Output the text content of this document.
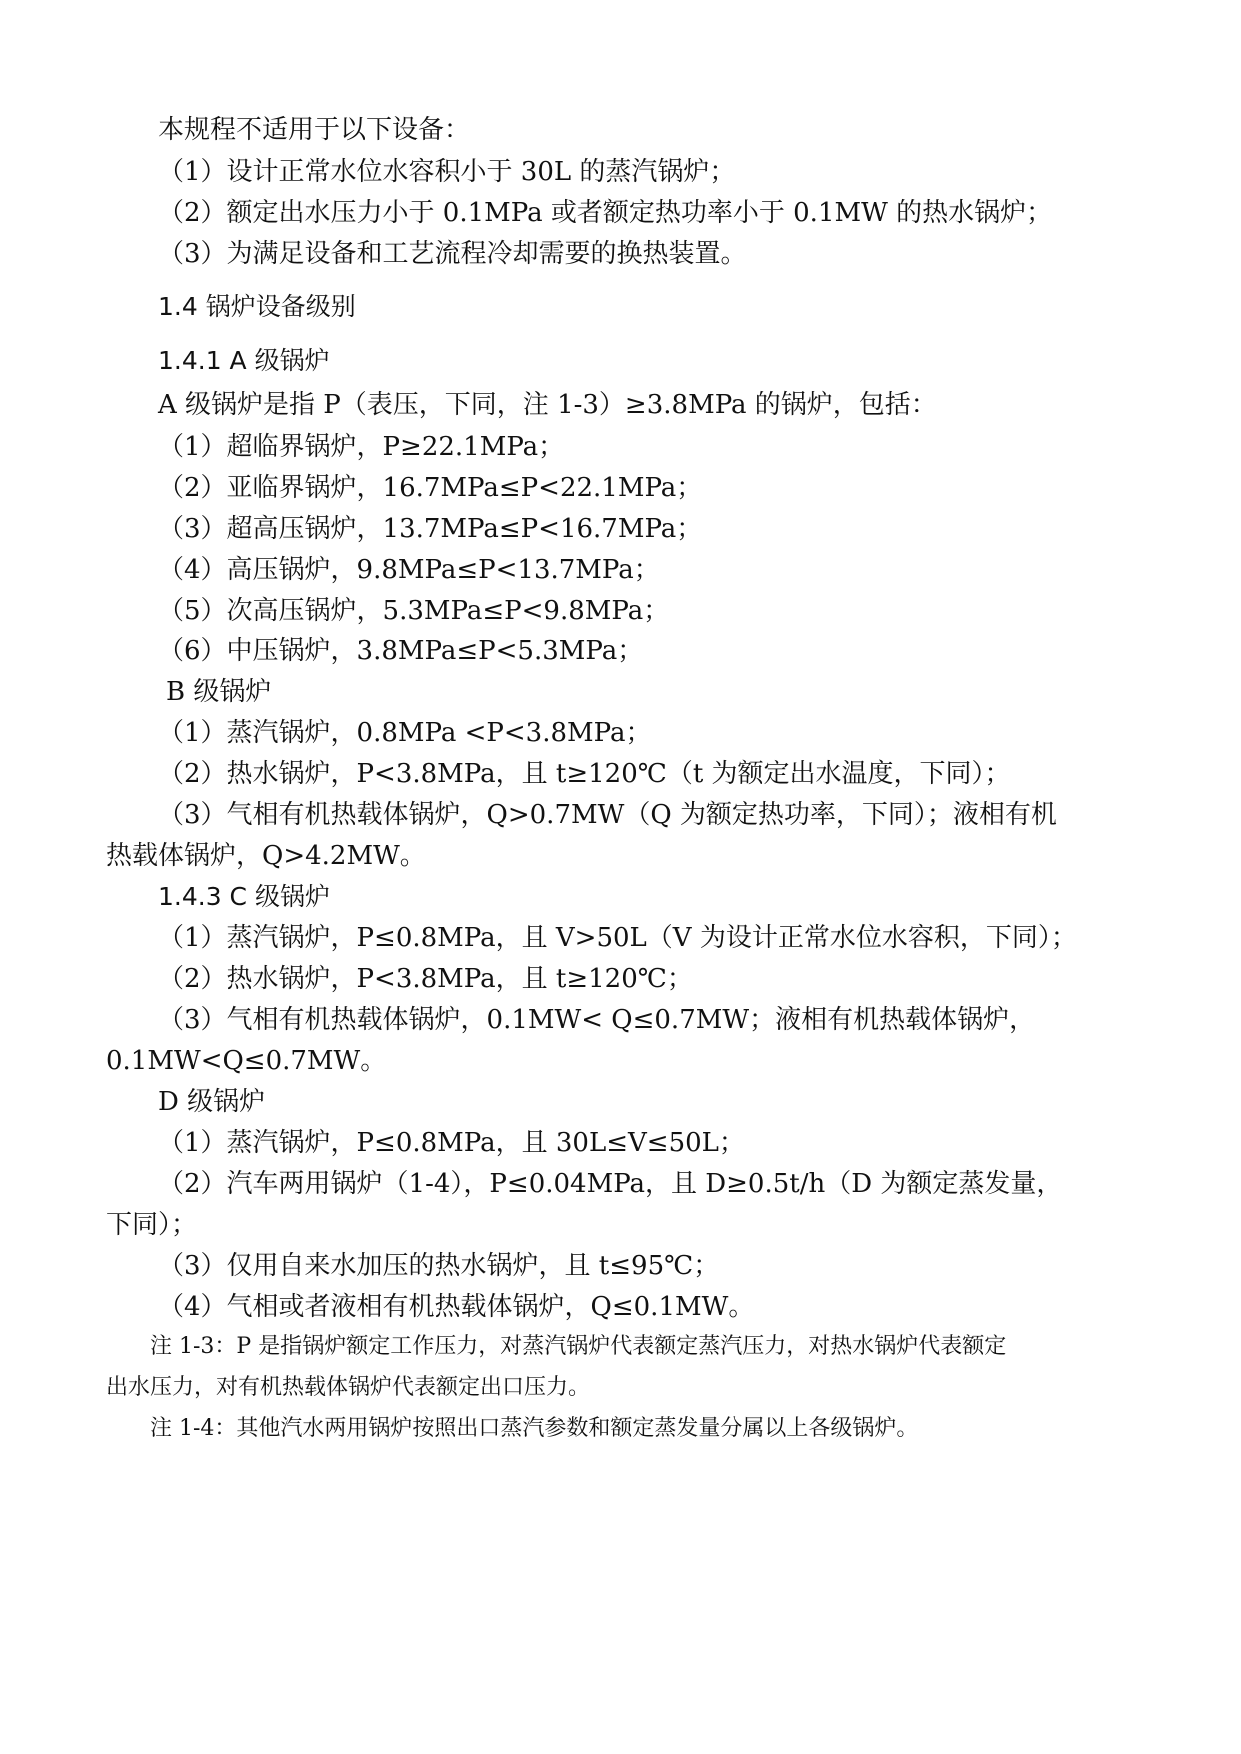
本规程不适用于以下设备：
（1）设计正常水位水容积小于 30L 的蒸汽锅炉；
（2）额定出水压力小于 0.1MPa 或者额定热功率小于 0.1MW 的热水锅炉；
（3）为满足设备和工艺流程冷却需要的换热装置。
1.4 锅炉设备级别
1.4.1 A 级锅炉
A 级锅炉是指 P（表压，下同，注 1-3）≥3.8MPa 的锅炉，包括：
（1）超临界锅炉，P≥22.1MPa；
（2）亚临界锅炉，16.7MPa≤P<22.1MPa；
（3）超高压锅炉，13.7MPa≤P<16.7MPa；
（4）高压锅炉，9.8MPa≤P<13.7MPa；
（5）次高压锅炉，5.3MPa≤P<9.8MPa；
（6）中压锅炉，3.8MPa≤P<5.3MPa；
B 级锅炉
（1）蒸汽锅炉，0.8MPa <P<3.8MPa；
（2）热水锅炉，P<3.8MPa，且 t≥120℃（t 为额定出水温度，下同）；
（3）气相有机热载体锅炉，Q>0.7MW（Q 为额定热功率，下同）；液相有机
热载体锅炉，Q>4.2MW。
1.4.3 C 级锅炉
（1）蒸汽锅炉，P≤0.8MPa，且 V>50L（V 为设计正常水位水容积，下同）；
（2）热水锅炉，P<3.8MPa，且 t≥120℃；
（3）气相有机热载体锅炉，0.1MW< Q≤0.7MW；液相有机热载体锅炉，
0.1MW<Q≤0.7MW。
D 级锅炉
（1）蒸汽锅炉，P≤0.8MPa，且 30L≤V≤50L；
（2）汽车两用锅炉（1-4），P≤0.04MPa，且 D≥0.5t/h（D 为额定蒸发量，
下同）；
（3）仅用自来水加压的热水锅炉，且 t≤95℃；
（4）气相或者液相有机热载体锅炉，Q≤0.1MW。
注 1-3：P 是指锅炉额定工作压力，对蒸汽锅炉代表额定蒸汽压力，对热水锅炉代表额定
出水压力，对有机热载体锅炉代表额定出口压力。
注 1-4：其他汽水两用锅炉按照出口蒸汽参数和额定蒸发量分属以上各级锅炉。
